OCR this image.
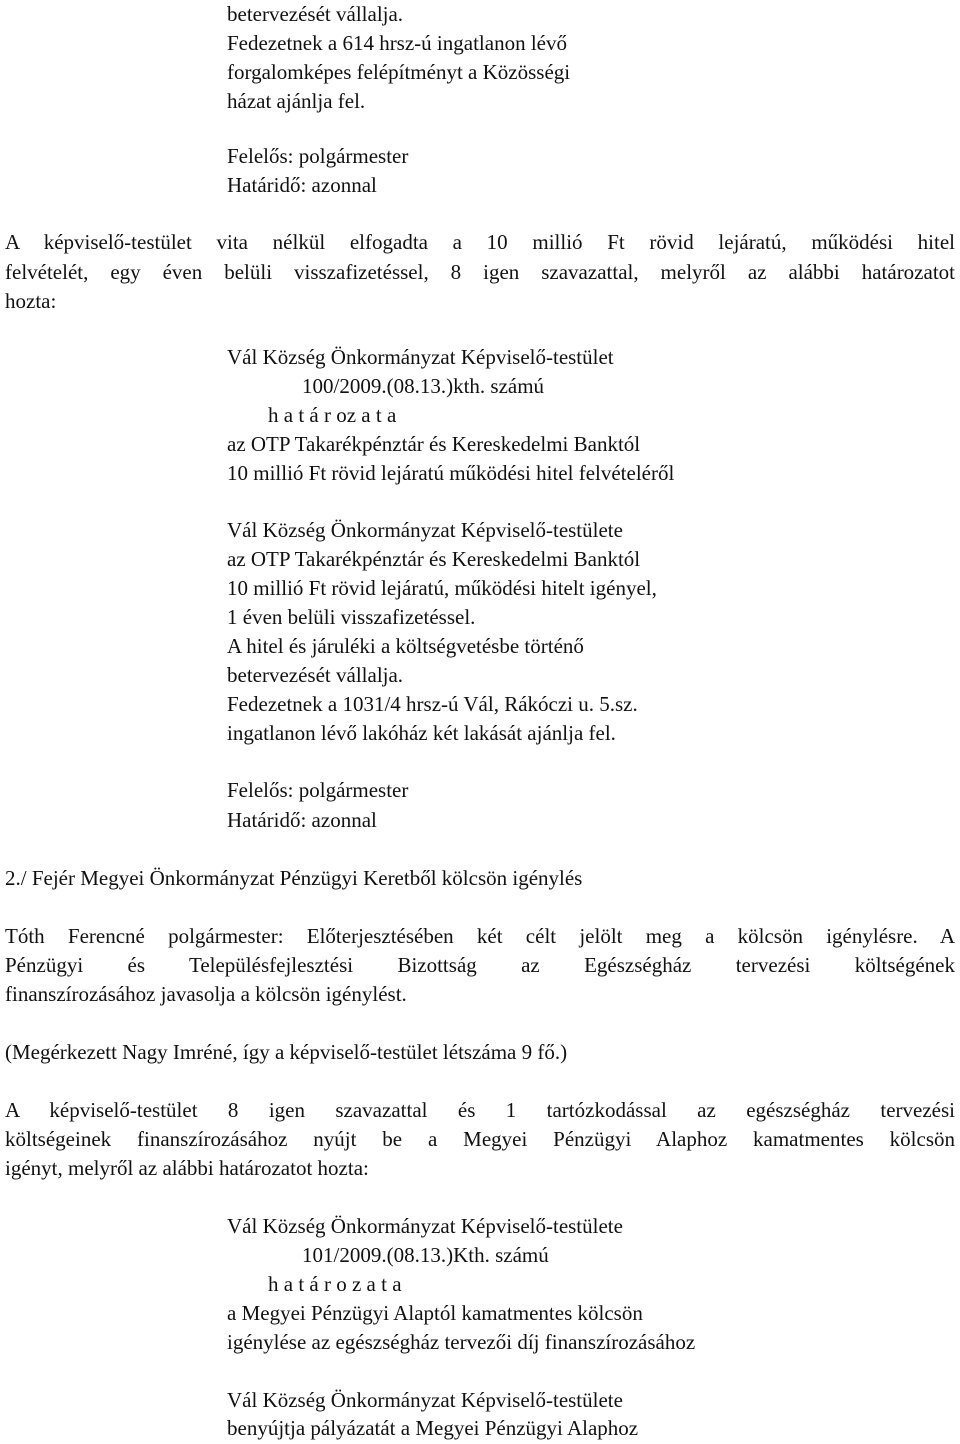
betervezését vállalja.

Fedezetnek a 614 hrsz-ú ingatlanon lévő

forgalomképes felépítményt a Közösségi

házat ajánlja fel.

Felelős: polgármester

Határidő: azonnal

A képviselő-testület vita nélkül elfogadta a 10 millió Ft rövid lejáratú, működési hitel

felvételét, egy éven belüli visszafizetéssel, 8 igen szavazattal, melyről az alábbi határozatot

hozta:

Vál Község Önkormányzat Képviselő-testület

100/2009.(08.13.)kth. számú

h a t á r oz a t a

az OTP Takarékpénztár és Kereskedelmi Banktól

10 millió Ft rövid lejáratú működési hitel felvételéről

Vál Község Önkormányzat Képviselő-testülete

az OTP Takarékpénztár és Kereskedelmi Banktól

10 millió Ft rövid lejáratú, működési hitelt igényel,

1 éven belüli visszafizetéssel.

A hitel és járuléki a költségvetésbe történő

betervezését vállalja.

Fedezetnek a 1031/4 hrsz-ú Vál, Rákóczi u. 5.sz.

ingatlanon lévő lakóház két lakását ajánlja fel.

Felelős: polgármester

Határidő: azonnal

2./ Fejér Megyei Önkormányzat Pénzügyi Keretből kölcsön igénylés

Tóth Ferencné polgármester: Előterjesztésében két célt jelölt meg a kölcsön igénylésre. A

Pénzügyi és Településfejlesztési Bizottság az Egészségház tervezési költségének

finanszírozásához javasolja a kölcsön igénylést.

(Megérkezett Nagy Imréné, így a képviselő-testület létszáma 9 fő.)

A képviselő-testület 8 igen szavazattal és 1 tartózkodással az egészségház tervezési

költségeinek finanszírozásához nyújt be a Megyei Pénzügyi Alaphoz kamatmentes kölcsön

igényt, melyről az alábbi határozatot hozta:

Vál Község Önkormányzat Képviselő-testülete

101/2009.(08.13.)Kth. számú

h a t á r o z a t a

a Megyei Pénzügyi Alaptól kamatmentes kölcsön

igénylése az egészségház tervezői díj finanszírozásához

Vál Község Önkormányzat Képviselő-testülete

benyújtja pályázatát a Megyei Pénzügyi Alaphoz
